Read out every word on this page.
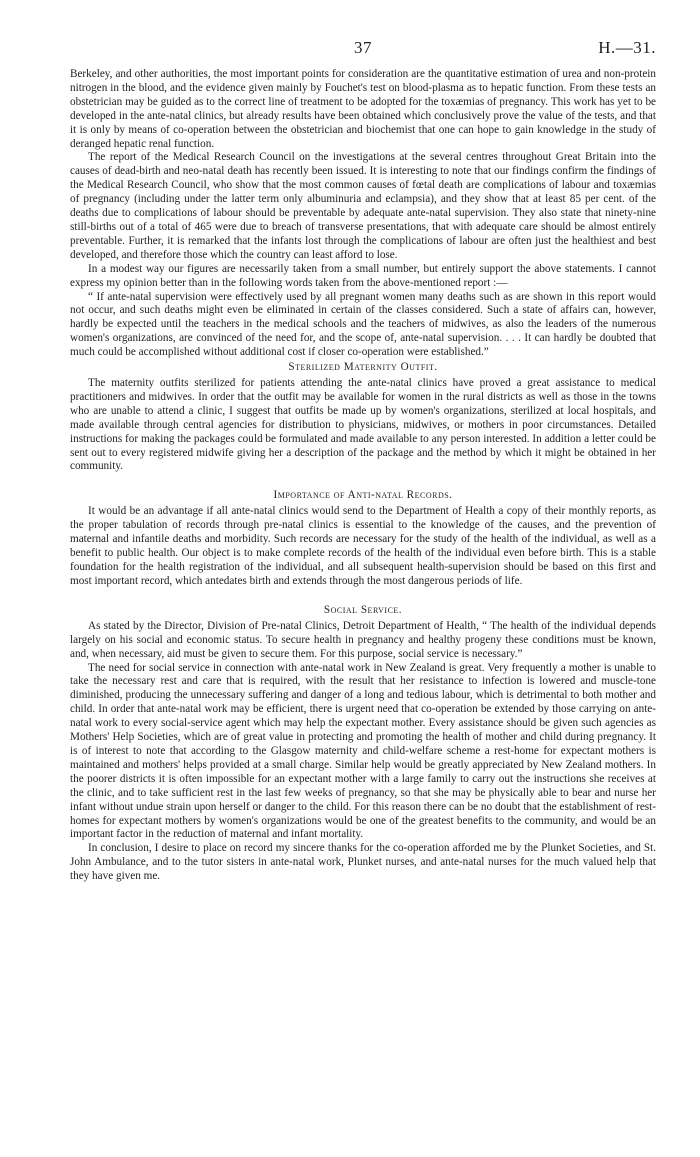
37	H.—31.

Berkeley, and other authorities, the most important points for consideration are the quantitative estimation of urea and non-protein nitrogen in the blood, and the evidence given mainly by Fouchet's test on blood-plasma as to hepatic function. From these tests an obstetrician may be guided as to the correct line of treatment to be adopted for the toxæmias of pregnancy. This work has yet to be developed in the ante-natal clinics, but already results have been obtained which conclusively prove the value of the tests, and that it is only by means of co-operation between the obstetrician and biochemist that one can hope to gain knowledge in the study of deranged hepatic renal function.

The report of the Medical Research Council on the investigations at the several centres throughout Great Britain into the causes of dead-birth and neo-natal death has recently been issued. It is interesting to note that our findings confirm the findings of the Medical Research Council, who show that the most common causes of fœtal death are complications of labour and toxæmias of pregnancy (including under the latter term only albuminuria and eclampsia), and they show that at least 85 per cent. of the deaths due to complications of labour should be preventable by adequate ante-natal supervision. They also state that ninety-nine still-births out of a total of 465 were due to breach of transverse presentations, that with adequate care should be almost entirely preventable. Further, it is remarked that the infants lost through the complications of labour are often just the healthiest and best developed, and therefore those which the country can least afford to lose.

In a modest way our figures are necessarily taken from a small number, but entirely support the above statements. I cannot express my opinion better than in the following words taken from the above-mentioned report :—

“ If ante-natal supervision were effectively used by all pregnant women many deaths such as are shown in this report would not occur, and such deaths might even be eliminated in certain of the classes considered. Such a state of affairs can, however, hardly be expected until the teachers in the medical schools and the teachers of midwives, as also the leaders of the numerous women's organizations, are convinced of the need for, and the scope of, ante-natal supervision. . . . It can hardly be doubted that much could be accomplished without additional cost if closer co-operation were established.”

Sterilized Maternity Outfit.

The maternity outfits sterilized for patients attending the ante-natal clinics have proved a great assistance to medical practitioners and midwives. In order that the outfit may be available for women in the rural districts as well as those in the towns who are unable to attend a clinic, I suggest that outfits be made up by women's organizations, sterilized at local hospitals, and made available through central agencies for distribution to physicians, midwives, or mothers in poor circumstances. Detailed instructions for making the packages could be formulated and made available to any person interested. In addition a letter could be sent out to every registered midwife giving her a description of the package and the method by which it might be obtained in her community.

Importance of Anti-natal Records.

It would be an advantage if all ante-natal clinics would send to the Department of Health a copy of their monthly reports, as the proper tabulation of records through pre-natal clinics is essential to the knowledge of the causes, and the prevention of maternal and infantile deaths and morbidity. Such records are necessary for the study of the health of the individual, as well as a benefit to public health. Our object is to make complete records of the health of the individual even before birth. This is a stable foundation for the health registration of the individual, and all subsequent health-supervision should be based on this first and most important record, which antedates birth and extends through the most dangerous periods of life.

Social Service.

As stated by the Director, Division of Pre-natal Clinics, Detroit Department of Health, “ The health of the individual depends largely on his social and economic status. To secure health in pregnancy and healthy progeny these conditions must be known, and, when necessary, aid must be given to secure them. For this purpose, social service is necessary.”

The need for social service in connection with ante-natal work in New Zealand is great. Very frequently a mother is unable to take the necessary rest and care that is required, with the result that her resistance to infection is lowered and muscle-tone diminished, producing the unnecessary suffering and danger of a long and tedious labour, which is detrimental to both mother and child. In order that ante-natal work may be efficient, there is urgent need that co-operation be extended by those carrying on ante-natal work to every social-service agent which may help the expectant mother. Every assistance should be given such agencies as Mothers' Help Societies, which are of great value in protecting and promoting the health of mother and child during pregnancy. It is of interest to note that according to the Glasgow maternity and child-welfare scheme a rest-home for expectant mothers is maintained and mothers' helps provided at a small charge. Similar help would be greatly appreciated by New Zealand mothers. In the poorer districts it is often impossible for an expectant mother with a large family to carry out the instructions she receives at the clinic, and to take sufficient rest in the last few weeks of pregnancy, so that she may be physically able to bear and nurse her infant without undue strain upon herself or danger to the child. For this reason there can be no doubt that the establishment of rest-homes for expectant mothers by women's organizations would be one of the greatest benefits to the community, and would be an important factor in the reduction of maternal and infant mortality.

In conclusion, I desire to place on record my sincere thanks for the co-operation afforded me by the Plunket Societies, and St. John Ambulance, and to the tutor sisters in ante-natal work, Plunket nurses, and ante-natal nurses for the much valued help that they have given me.
